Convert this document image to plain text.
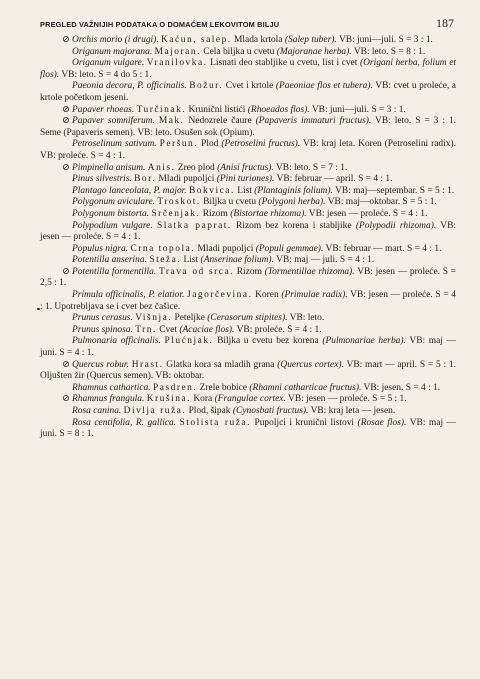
PREGLED VAŽNIJIH PODATAKA O DOMAĆEM LEKOVITOM BILJU	187

⊘ Orchis morio (i drugi). Kaćun, salep. Mlada krtola (Salep tuber). VB: juni—juli. S = 3 : 1.

Origanum majorana. Majoran. Cela biljka u cvetu (Majoranae herba). VB: leto. S = 8 : 1.

Origanum vulgare. Vranilovka. Lisnati deo stabljike u cvetu, list i cvet (Origani herba, folium et flos). VB: leto. S = 4 do 5 : 1.

Paeonia decora, P. officinalis. Božur. Cvet i krtole (Paeoniae flos et tubera). VB: cvet u proleće, a krtole početkom jeseni.

⊘ Papaver rhoeas. Turčinak. Krunični listići (Rhoeados flos). VB: juni—juli. S = 3 : 1.

⊘ Papaver somniferum. Mak. Nedozrele čaure (Papaveris immaturi fructus). VB: leto. S = 3 : 1. Seme (Papaveris semen). VB: leto. Osušen sok (Opium).

Petroselinum sativum. Peršun. Plod (Petroselini fructus). VB: kraj leta. Koren (Petroselini radix). VB: proleće. S = 4 : 1.

⊘ Pimpinella anisum. Anis. Zreo plod (Anisi fructus). VB: leto. S = 7 : 1.

Pinus silvestris. Bor. Mladi pupoljci (Pini turiones). VB: februar — april. S = 4 : 1.

Plantago lanceolata, P. major. Bokvica. List (Plantaginis folium). VB: maj—septembar. S = 5 : 1.

Polygonum aviculare. Troskot. Biljka u cvetu (Polygoni herba). VB: maj—oktobar. S = 5 : 1.

Polygonum bistorta. Srčenjak. Rizom (Bistortae rhizoma). VB: jesen — proleće. S = 4 : 1.

Polypodium vulgare. Slatka paprat. Rizom bez korena i stabljike (Polypodii rhizoma). VB: jesen — proleće. S = 4 : 1.

Populus nigra. Crna topola. Mladi pupoljci (Populi gemmae). VB: februar — mart. S = 4 : 1.

Potentilla anserina. Steža. List (Anserinae folium). VB: maj — juli. S = 4 : 1.

⊘ Potentilla formentilla. Trava od srca. Rizom (Tormentillae rhizoma). VB: jesen — proleće. S = 2,5 : 1.

Primula officinalis, P. elatior. Jagorčevina. Koren (Primulae radix). VB: jesen — proleće. S = 4 : 1. Upotrebljava se i cvet bez čašice.

Prunus cerasus. Višnja. Peteljke (Cerasorum stipites). VB: leto.

Prunus spinosa. Trn. Cvet (Acaciae flos). VB: proleće. S = 4 : 1.

Pulmonaria officinalis. Plućnjak. Biljka u cvetu bez korena (Pulmonariae herba). VB: maj — juni. S = 4 : 1.

⊘ Quercus robur. Hrast. Glatka kora sa mladih grana (Quercus cortex). VB: mart — april. S = 5 : 1. Oljušten žir (Quercus semen). VB: oktobar.

Rhamnus cathartica. Pasdren. Zrele bobice (Rhamni catharticae fructus). VB: jesen. S = 4 : 1.

⊘ Rhamnus frangula. Krušina. Kora (Frangulae cortex. VB: jesen — proleće. S = 5 : 1.

Rosa canina. Divlja ruža. Plod, šipak (Cynosbati fructus). VB: kraj leta — jesen.

Rosa centifolia, R. gallica. Stolista ruža. Pupoljci i krunični listovi (Rosae flos). VB: maj — juni. S = 8 : 1.
